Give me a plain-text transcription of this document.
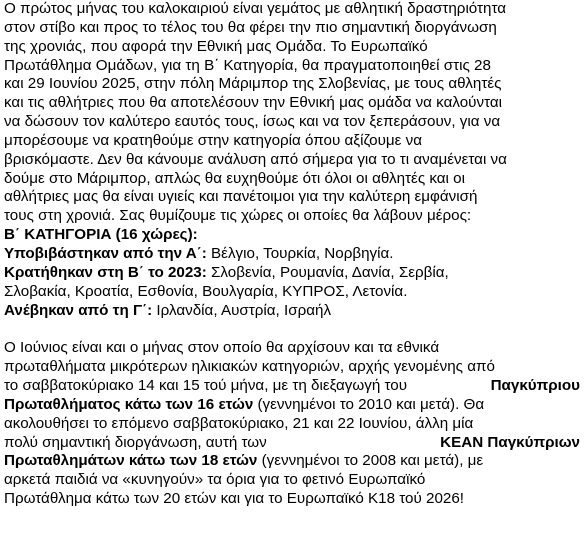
Ο πρώτος μήνας του καλοκαιριού είναι γεμάτος με αθλητική δραστηριότητα
στον στίβο και προς το τέλος του θα φέρει την πιο σημαντική διοργάνωση
της χρονιάς, που αφορά την Εθνική μας Ομάδα. Το Ευρωπαϊκό
Πρωτάθλημα Ομάδων, για τη Β΄ Κατηγορία, θα πραγματοποιηθεί στις 28
και 29 Ιουνίου 2025, στην πόλη Μάριμπορ της Σλοβενίας, με τους αθλητές
και τις αθλήτριες που θα αποτελέσουν την Εθνική μας ομάδα να καλούνται
να δώσουν τον καλύτερο εαυτός τους, ίσως και να τον ξεπεράσουν, για να
μπορέσουμε να κρατηθούμε στην κατηγορία όπου αξίζουμε να
βρισκόμαστε. Δεν θα κάνουμε ανάλυση από σήμερα για το τι αναμένεται να
δούμε στο Μάριμπορ, απλώς θα ευχηθούμε ότι όλοι οι αθλητές και οι
αθλήτριες μας θα είναι υγιείς και πανέτοιμοι για την καλύτερη εμφάνισή
τους στη χρονιά. Σας θυμίζουμε τις χώρες οι οποίες θα λάβουν μέρος:

Β΄ ΚΑΤΗΓΟΡΙΑ (16 χώρες):
Υποβιβάστηκαν από την Α΄: Βέλγιο, Τουρκία, Νορβηγία.
Κρατήθηκαν στη Β΄ το 2023: Σλοβενία, Ρουμανία, Δανία, Σερβία,
Σλοβακία, Κροατία, Εσθονία, Βουλγαρία, ΚΥΠΡΟΣ, Λετονία.
Ανέβηκαν από τη Γ΄: Ιρλανδία, Αυστρία, Ισραήλ

Ο Ιούνιος είναι και ο μήνας στον οποίο θα αρχίσουν και τα εθνικά
πρωταθλήματα μικρότερων ηλικιακών κατηγοριών, αρχής γενομένης από
το σαββατοκύριακο 14 και 15 τού μήνα, με τη διεξαγωγή του	Παγκύπριου
Πρωταθλήματος κάτω των 16 ετών (γεννημένοι το 2010 και μετά). Θα
ακολουθήσει το επόμενο σαββατοκύριακο, 21 και 22 Ιουνίου, άλλη μία
πολύ σημαντική διοργάνωση, αυτή των	ΚΕΑΝ Παγκύπριων
Πρωταθλημάτων κάτω των 18 ετών (γεννημένοι το 2008 και μετά), με
αρκετά παιδιά να «κυνηγούν» τα όρια για το φετινό Ευρωπαϊκό
Πρωτάθλημα κάτω των 20 ετών και για το Ευρωπαϊκό Κ18 τού 2026!
